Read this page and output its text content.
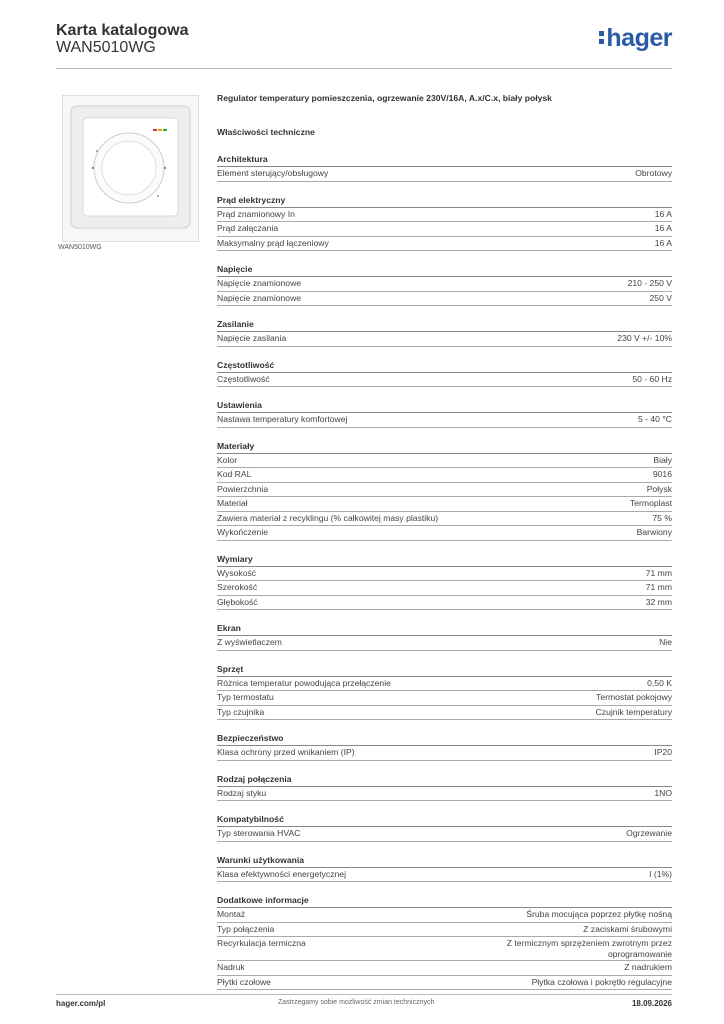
Karta katalogowa
WAN5010WG	hager
WAN5010WG
Regulator temperatury pomieszczenia, ogrzewanie 230V/16A, A.x/C.x, biały połysk
Właściwości techniczne
Architektura
Element sterujący/obsługowy	Obrotowy
Prąd elektryczny
Prąd znamionowy In	16 A
Prąd załączania	16 A
Maksymalny prąd łączeniowy	16 A
Napięcie
Napięcie znamionowe	210 - 250 V
Napięcie znamionowe	250 V
Zasilanie
Napięcie zasilania	230 V +/- 10%
Częstotliwość
Częstotliwość	50 - 60 Hz
Ustawienia
Nastawa temperatury komfortowej	5 - 40 °C
Materiały
Kolor	Biały
Kod RAL	9016
Powierzchnia	Połysk
Materiał	Termoplast
Zawiera materiał z recyklingu (% całkowitej masy plastiku)	75 %
Wykończenie	Barwiony
Wymiary
Wysokość	71 mm
Szerokość	71 mm
Głębokość	32 mm
Ekran
Z wyświetlaczem	Nie
Sprzęt
Różnica temperatur powodująca przełączenie	0,50 K
Typ termostatu	Termostat pokojowy
Typ czujnika	Czujnik temperatury
Bezpieczeństwo
Klasa ochrony przed wnikaniem (IP)	IP20
Rodzaj połączenia
Rodzaj styku	1NO
Kompatybilność
Typ sterowania HVAC	Ogrzewanie
Warunki użytkowania
Klasa efektywności energetycznej	I (1%)
Dodatkowe informacje
Montaż	Śruba mocująca poprzez płytkę nośną
Typ połączenia	Z zaciskami śrubowymi
Recyrkulacja termiczna	Z termicznym sprzężeniem zwrotnym przez oprogramowanie
Nadruk	Z nadrukiem
Płytki czołowe	Płytka czołowa i pokrętło regulacyjne
hager.com/pl	Zastrzegamy sobie możliwość zmian technicznych	18.09.2026
